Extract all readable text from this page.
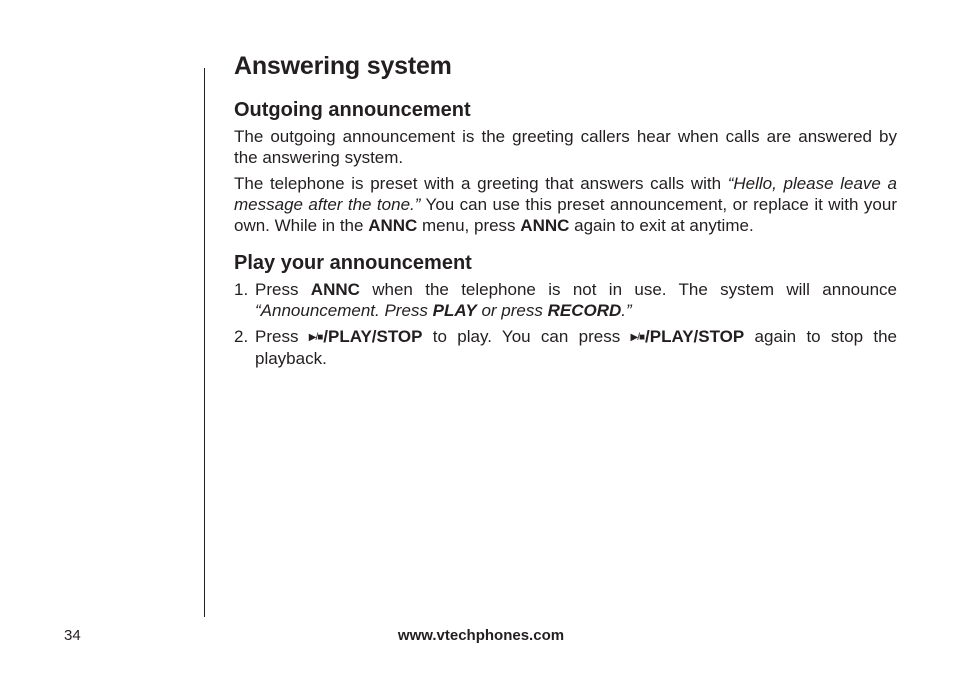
Answering system
Outgoing announcement

The outgoing announcement is the greeting callers hear when calls are answered by the answering system.

The telephone is preset with a greeting that answers calls with “Hello, please leave a message after the tone.” You can use this preset announcement, or replace it with your own. While in the ANNC menu, press ANNC again to exit at anytime.

Play your announcement
1. Press ANNC when the telephone is not in use. The system will announce “Announcement. Press PLAY or press RECORD.”
2. Press ▶/■/PLAY/STOP to play. You can press ▶/■/PLAY/STOP again to stop the playback.
34	www.vtechphones.com
